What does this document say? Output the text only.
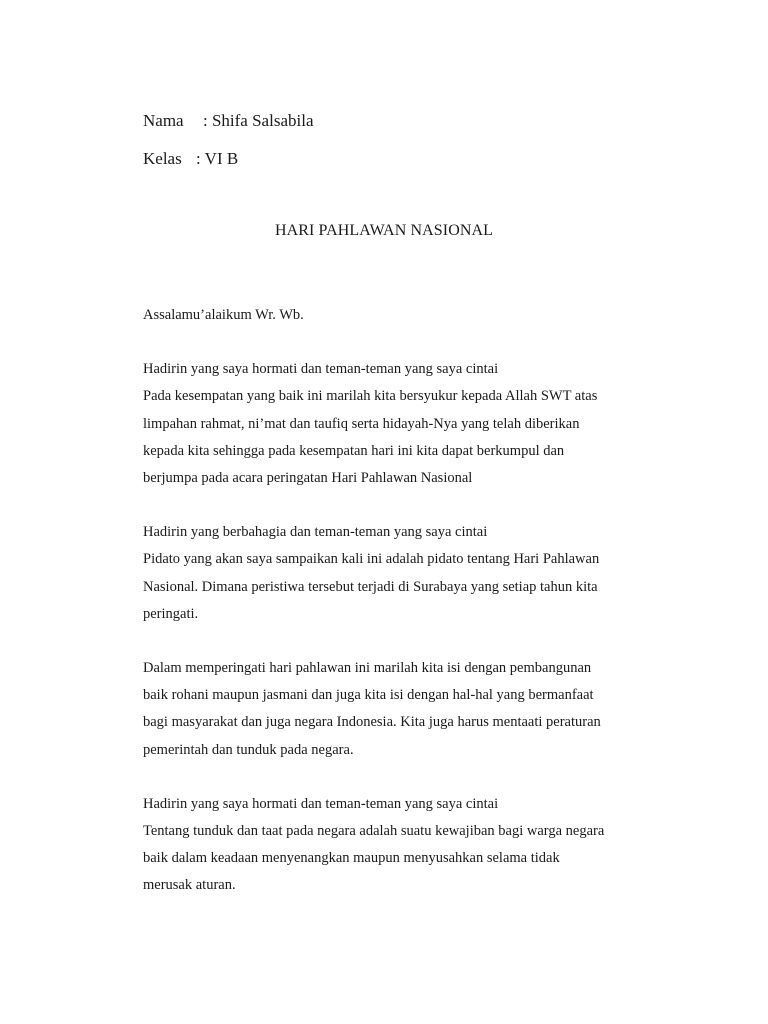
Nama : Shifa Salsabila
Kelas : VI B
HARI PAHLAWAN NASIONAL

Assalamu’alaikum Wr. Wb.

Hadirin yang saya hormati dan teman-teman yang saya cintai
Pada kesempatan yang baik ini marilah kita bersyukur kepada Allah SWT atas
limpahan rahmat, ni’mat dan taufiq serta hidayah-Nya yang telah diberikan
kepada kita sehingga pada kesempatan hari ini kita dapat berkumpul dan
berjumpa pada acara peringatan Hari Pahlawan Nasional

Hadirin yang berbahagia dan teman-teman yang saya cintai
Pidato yang akan saya sampaikan kali ini adalah pidato tentang Hari Pahlawan
Nasional. Dimana peristiwa tersebut terjadi di Surabaya yang setiap tahun kita
peringati.

Dalam memperingati hari pahlawan ini marilah kita isi dengan pembangunan
baik rohani maupun jasmani dan juga kita isi dengan hal-hal yang bermanfaat
bagi masyarakat dan juga negara Indonesia. Kita juga harus mentaati peraturan
pemerintah dan tunduk pada negara.

Hadirin yang saya hormati dan teman-teman yang saya cintai
Tentang tunduk dan taat pada negara adalah suatu kewajiban bagi warga negara
baik dalam keadaan menyenangkan maupun menyusahkan selama tidak
merusak aturan.
